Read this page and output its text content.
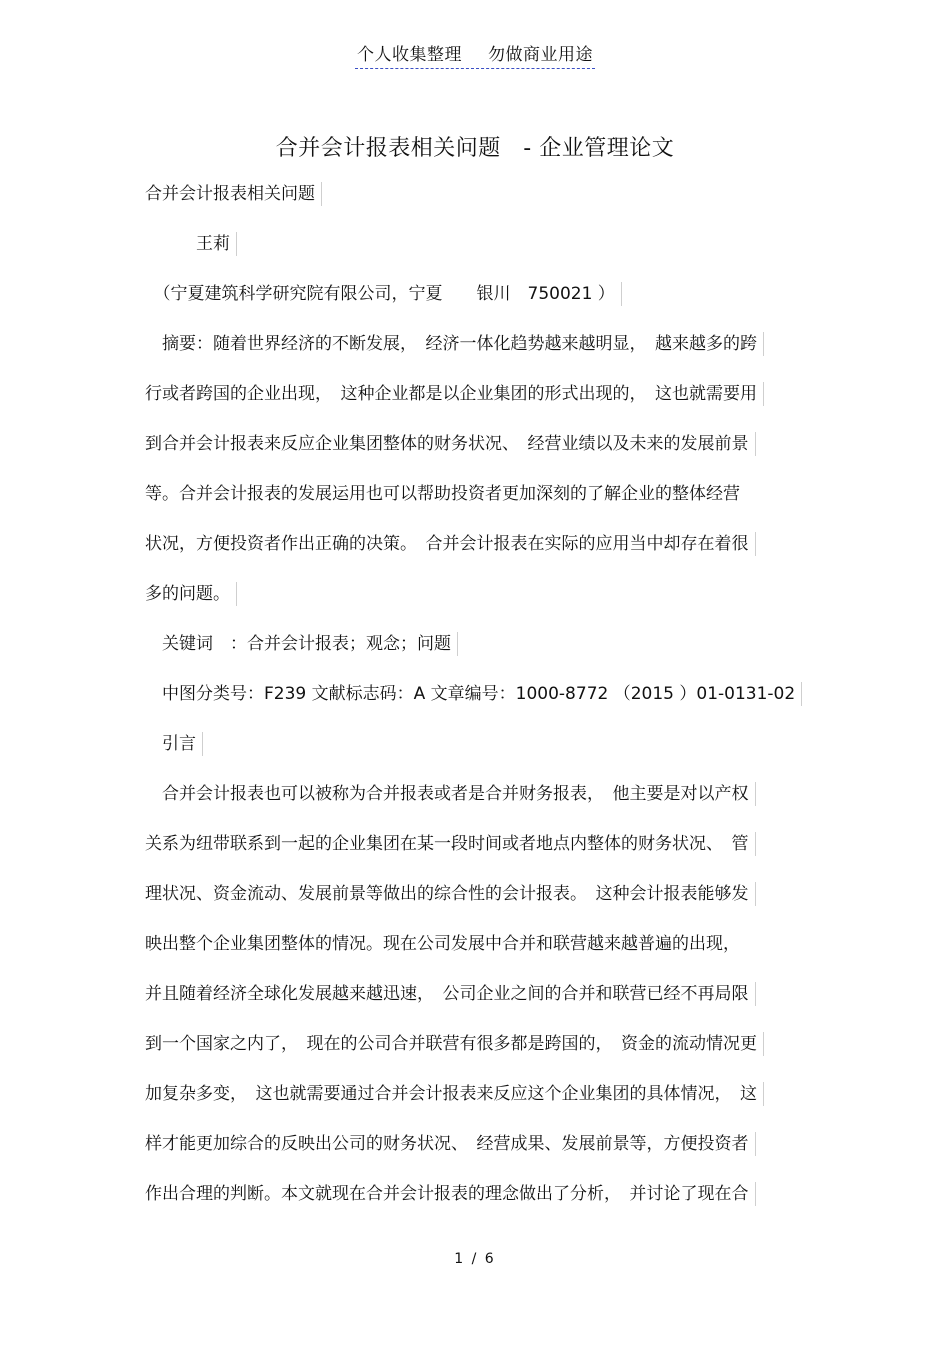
个人收集整理 勿做商业用途
合并会计报表相关问题　- 企业管理论文
合并会计报表相关问题
　　　王莉
　（宁夏建筑科学研究院有限公司，宁夏　　银川　750021 ）
　摘要：随着世界经济的不断发展，　经济一体化趋势越来越明显，　越来越多的跨
行或者跨国的企业出现，　这种企业都是以企业集团的形式出现的，　这也就需要用
到合并会计报表来反应企业集团整体的财务状况、　经营业绩以及未来的发展前景
等。合并会计报表的发展运用也可以帮助投资者更加深刻的了解企业的整体经营
状况，方便投资者作出正确的决策。　合并会计报表在实际的应用当中却存在着很
多的问题。
　关键词　：合并会计报表；观念；问题
　中图分类号：F239 文献标志码：A 文章编号：1000-8772 （2015 ）01-0131-02
　引言
　合并会计报表也可以被称为合并报表或者是合并财务报表，　他主要是对以产权
关系为纽带联系到一起的企业集团在某一段时间或者地点内整体的财务状况、　管
理状况、资金流动、发展前景等做出的综合性的会计报表。　这种会计报表能够发
映出整个企业集团整体的情况。现在公司发展中合并和联营越来越普遍的出现，
并且随着经济全球化发展越来越迅速，　公司企业之间的合并和联营已经不再局限
到一个国家之内了，　现在的公司合并联营有很多都是跨国的，　资金的流动情况更
加复杂多变，　这也就需要通过合并会计报表来反应这个企业集团的具体情况，　这
样才能更加综合的反映出公司的财务状况、　经营成果、发展前景等，方便投资者
作出合理的判断。本文就现在合并会计报表的理念做出了分析，　并讨论了现在合
1 / 6
